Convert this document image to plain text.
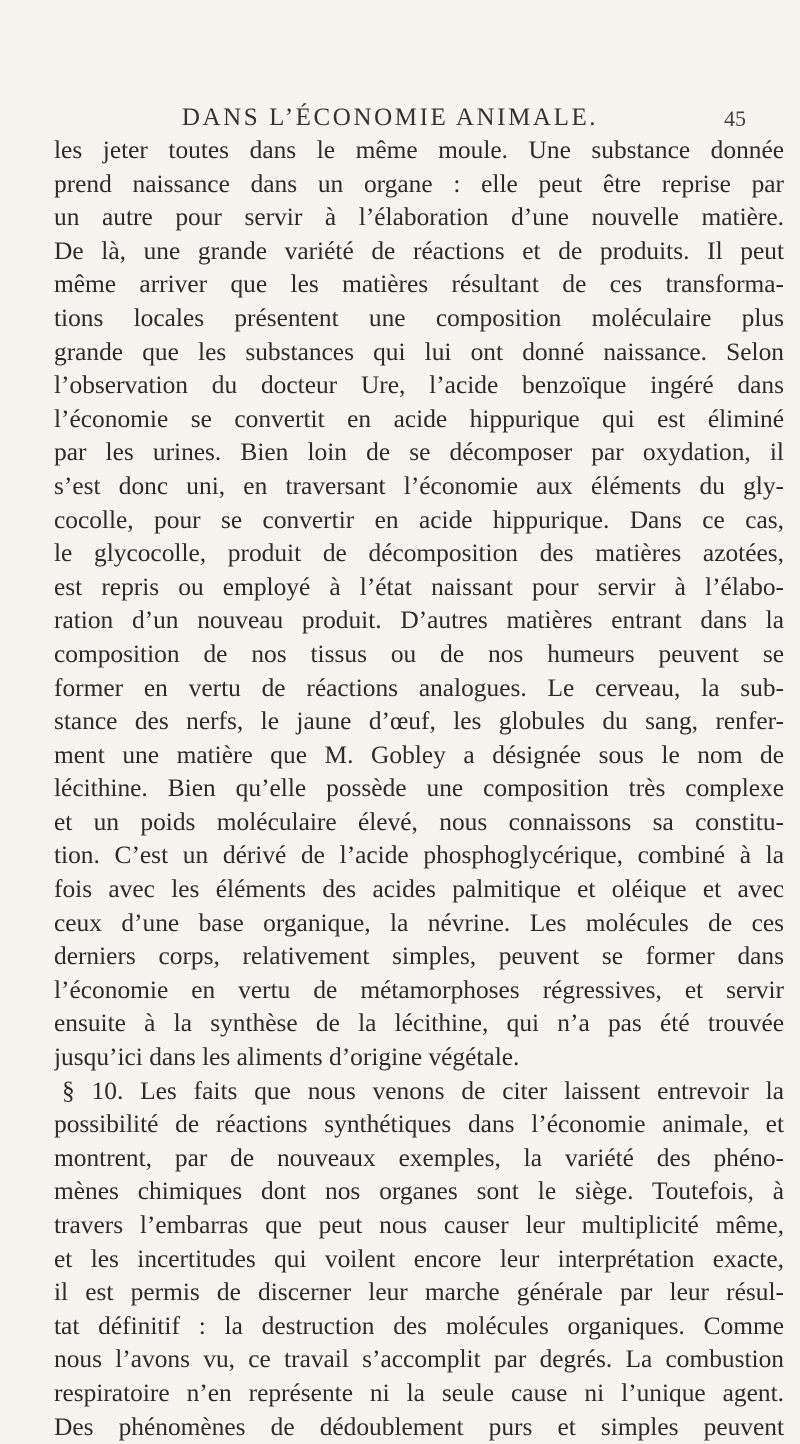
DANS L’ÉCONOMIE ANIMALE.	45
les jeter toutes dans le même moule. Une substance donnée
prend naissance dans un organe : elle peut être reprise par
un autre pour servir à l’élaboration d’une nouvelle matière.
De là, une grande variété de réactions et de produits. Il peut
même arriver que les matières résultant de ces transforma-
tions locales présentent une composition moléculaire plus
grande que les substances qui lui ont donné naissance. Selon
l’observation du docteur Ure, l’acide benzoïque ingéré dans
l’économie se convertit en acide hippurique qui est éliminé
par les urines. Bien loin de se décomposer par oxydation, il
s’est donc uni, en traversant l’économie aux éléments du gly-
cocolle, pour se convertir en acide hippurique. Dans ce cas,
le glycocolle, produit de décomposition des matières azotées,
est repris ou employé à l’état naissant pour servir à l’élabo-
ration d’un nouveau produit. D’autres matières entrant dans la
composition de nos tissus ou de nos humeurs peuvent se
former en vertu de réactions analogues. Le cerveau, la sub-
stance des nerfs, le jaune d’œuf, les globules du sang, renfer-
ment une matière que M. Gobley a désignée sous le nom de
lécithine. Bien qu’elle possède une composition très complexe
et un poids moléculaire élevé, nous connaissons sa constitu-
tion. C’est un dérivé de l’acide phosphoglycérique, combiné à la
fois avec les éléments des acides palmitique et oléique et avec
ceux d’une base organique, la névrine. Les molécules de ces
derniers corps, relativement simples, peuvent se former dans
l’économie en vertu de métamorphoses régressives, et servir
ensuite à la synthèse de la lécithine, qui n’a pas été trouvée
jusqu’ici dans les aliments d’origine végétale.
§ 10. Les faits que nous venons de citer laissent entrevoir la
possibilité de réactions synthétiques dans l’économie animale, et
montrent, par de nouveaux exemples, la variété des phéno-
mènes chimiques dont nos organes sont le siège. Toutefois, à
travers l’embarras que peut nous causer leur multiplicité même,
et les incertitudes qui voilent encore leur interprétation exacte,
il est permis de discerner leur marche générale par leur résul-
tat définitif : la destruction des molécules organiques. Comme
nous l’avons vu, ce travail s’accomplit par degrés. La combustion
respiratoire n’en représente ni la seule cause ni l’unique agent.
Des phénomènes de dédoublement purs et simples peuvent
